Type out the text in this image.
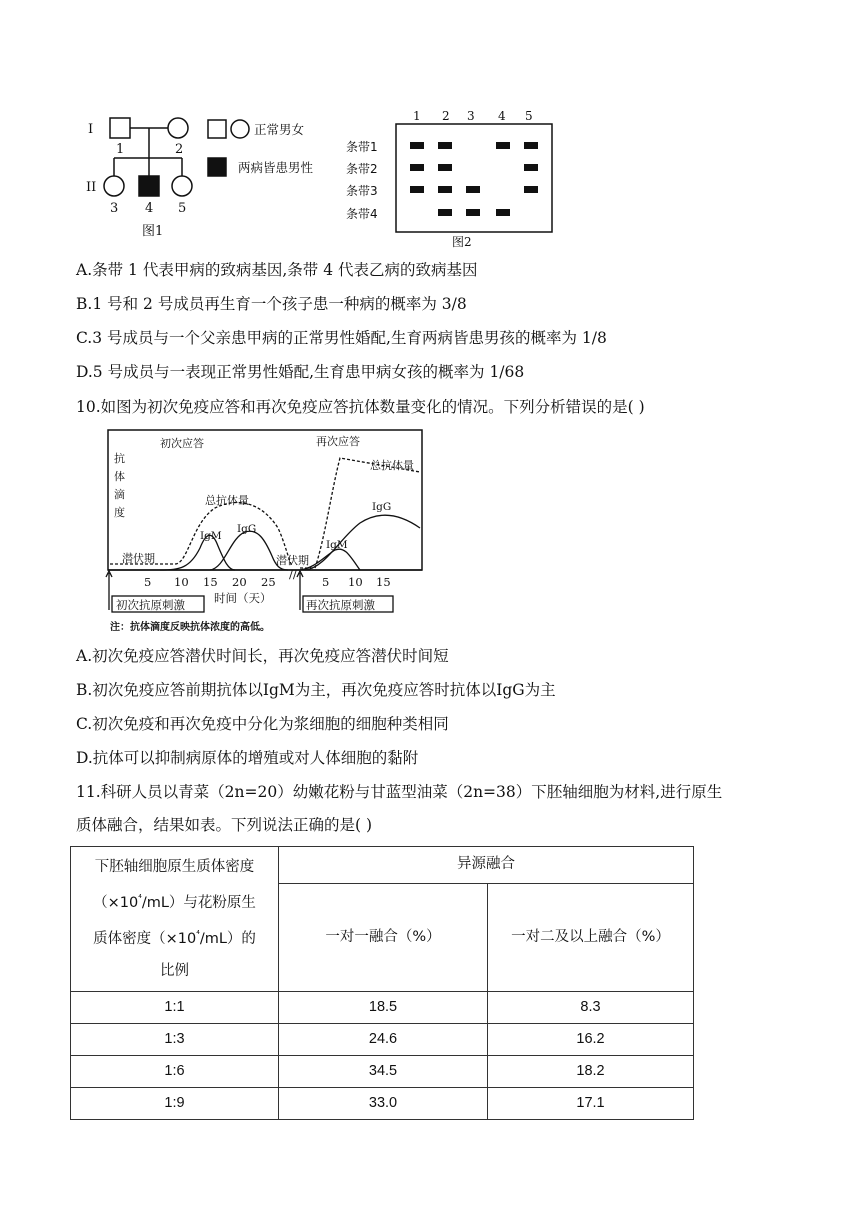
I
II
1	2
3 4 5
图1
正常男女
两病皆患男性
1 2 3 4 5
图2
条带1
条带2
条带3
条带4
A.条带 1 代表甲病的致病基因,条带 4 代表乙病的致病基因
B.1 号和 2 号成员再生育一个孩子患一种病的概率为 3/8
C.3 号成员与一个父亲患甲病的正常男性婚配,生育两病皆患男孩的概率为 1/8
D.5 号成员与一表现正常男性婚配,生育患甲病女孩的概率为 1/68
10.如图为初次免疫应答和再次免疫应答抗体数量变化的情况。下列分析错误的是( )
初次应答	再次应答
抗
体
滴
度
总抗体量
总抗体量
潜伏期	潜伏期
IgM
IgG
IgM
IgG
5 10 15 20 25
//
5 10 15
时间（天）
初次抗原刺激	再次抗原刺激
注：抗体滴度反映抗体浓度的高低。
A.初次免疫应答潜伏时间长，再次免疫应答潜伏时间短
B.初次免疫应答前期抗体以IgM为主，再次免疫应答时抗体以IgG为主
C.初次免疫和再次免疫中分化为浆细胞的细胞种类相同
D.抗体可以抑制病原体的增殖或对人体细胞的黏附
11.科研人员以青菜（2n=20）幼嫩花粉与甘蓝型油菜（2n=38）下胚轴细胞为材料,进行原生
质体融合，结果如表。下列说法正确的是( )
下胚轴细胞原生质体密度
$(\times 10^{^4}/mL)$与花粉原生
质体密度$(\times 10^{^4}/mL)$的
比例	异源融合	
	一对一融合（%）	一对二及以上融合（%）
1:1	18.5	8.3
1:3	24.6	16.2
1:6	34.5	18.2
1:9	33.0	17.1
